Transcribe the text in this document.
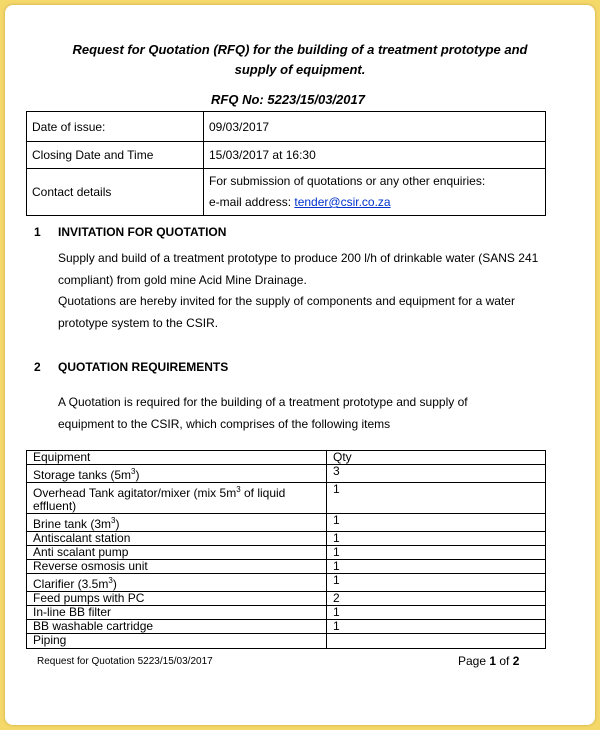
Request for Quotation (RFQ) for the building of a treatment prototype and
supply of equipment.
RFQ No: 5223/15/03/2017
Date of issue:	09/03/2017
Closing Date and Time	15/03/2017 at 16:30
Contact details	For submission of quotations or any other enquiries:
e-mail address: tender@csir.co.za
1 INVITATION FOR QUOTATION
Supply and build of a treatment prototype to produce 200 l/h of drinkable water (SANS 241 compliant) from gold mine Acid Mine Drainage.
Quotations are hereby invited for the supply of components and equipment for a water prototype system to the CSIR.
2 QUOTATION REQUIREMENTS
A Quotation is required for the building of a treatment prototype and supply of equipment to the CSIR, which comprises of the following items
Equipment	Qty
Storage tanks $(5m^3)$	3
Overhead Tank agitator/mixer (mix $5m^3$ of liquid effluent)	1
Brine tank $(3m^3)$	1
Antiscalant station	1
Anti scalant pump	1
Reverse osmosis unit	1
Clarifier $(3.5m^3)$	1
Feed pumps with PC	2
In-line BB filter	1
BB washable cartridge	1
Piping	
Request for Quotation 5223/15/03/2017	Page 1 of 2
